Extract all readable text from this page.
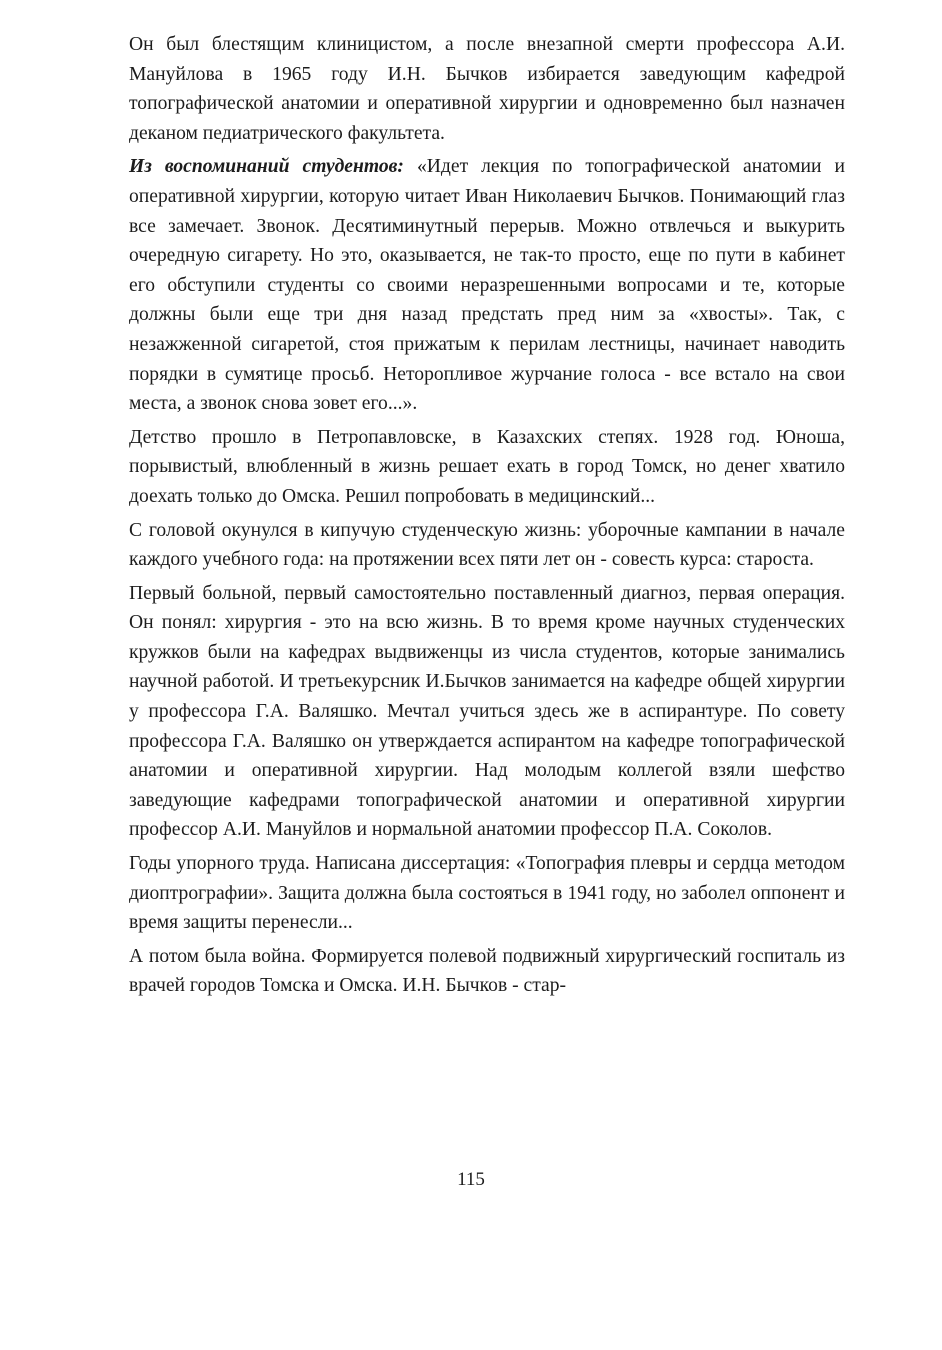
Он был блестящим клиницистом, а после внезапной смерти профессора А.И. Мануйлова в 1965 году И.Н. Бычков избирается заведующим кафедрой топографической анатомии и оперативной хирургии и одновременно был назначен деканом педиатрического факультета.

Из воспоминаний студентов: «Идет лекция по топографической анатомии и оперативной хирургии, которую читает Иван Николаевич Бычков. Понимающий глаз все замечает. Звонок. Десятиминутный перерыв. Можно отвлечься и выкурить очередную сигарету. Но это, оказывается, не так-то просто, еще по пути в кабинет его обступили студенты со своими неразрешенными вопросами и те, которые должны были еще три дня назад предстать пред ним за «хвосты». Так, с незажженной сигаретой, стоя прижатым к перилам лестницы, начинает наводить порядки в сумятице просьб. Неторопливое журчание голоса - все встало на свои места, а звонок снова зовет его...».

Детство прошло в Петропавловске, в Казахских степях. 1928 год. Юноша, порывистый, влюбленный в жизнь решает ехать в город Томск, но денег хватило доехать только до Омска. Решил попробовать в медицинский...

С головой окунулся в кипучую студенческую жизнь: уборочные кампании в начале каждого учебного года: на протяжении всех пяти лет он - совесть курса: староста.

Первый больной, первый самостоятельно поставленный диагноз, первая операция. Он понял: хирургия - это на всю жизнь. В то время кроме научных студенческих кружков были на кафедрах выдвиженцы из числа студентов, которые занимались научной работой. И третьекурсник И.Бычков занимается на кафедре общей хирургии у профессора Г.А. Валяшко. Мечтал учиться здесь же в аспирантуре. По совету профессора Г.А. Валяшко он утверждается аспирантом на кафедре топографической анатомии и оперативной хирургии. Над молодым коллегой взяли шефство заведующие кафедрами топографической анатомии и оперативной хирургии профессор А.И. Мануйлов и нормальной анатомии профессор П.А. Соколов.

Годы упорного труда. Написана диссертация: «Топография плевры и сердца методом диоптрографии». Защита должна была состояться в 1941 году, но заболел оппонент и время защиты перенесли...

А потом была война. Формируется полевой подвижный хирургический госпиталь из врачей городов Томска и Омска. И.Н. Бычков - стар-

115
